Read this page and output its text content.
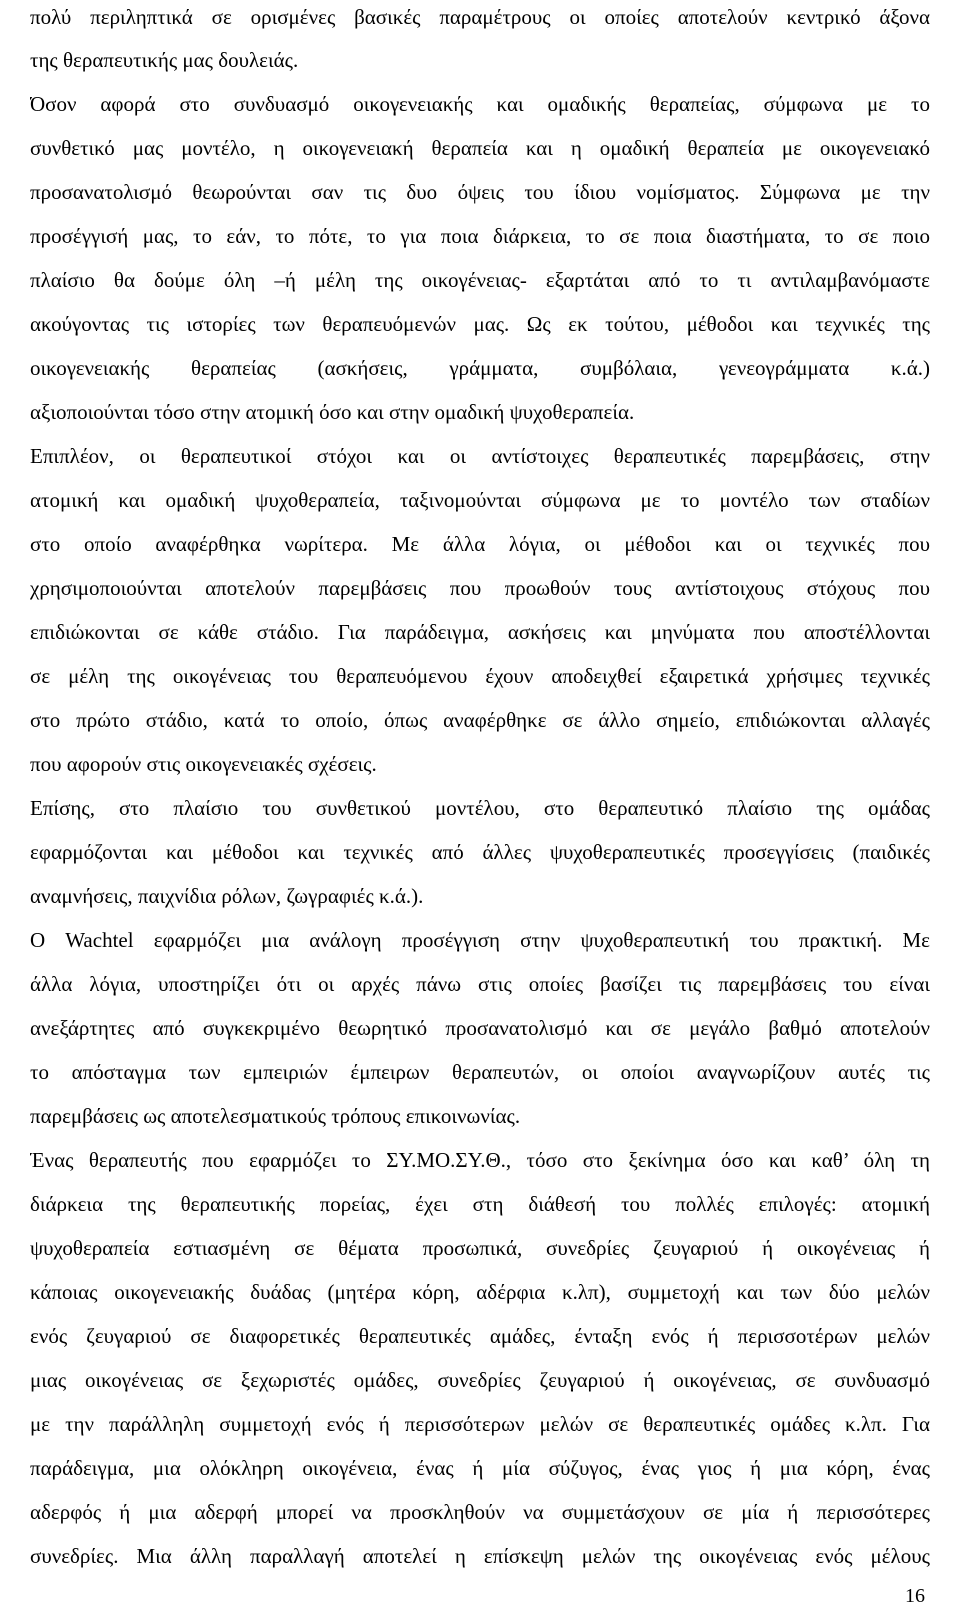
πολύ περιληπτικά σε ορισμένες βασικές παραμέτρους οι οποίες αποτελούν κεντρικό άξονα
της θεραπευτικής μας δουλειάς.
Όσον αφορά στο συνδυασμό οικογενειακής και ομαδικής θεραπείας, σύμφωνα με το
συνθετικό μας μοντέλο, η οικογενειακή θεραπεία και η ομαδική θεραπεία με οικογενειακό
προσανατολισμό θεωρούνται σαν τις δυο όψεις του ίδιου νομίσματος. Σύμφωνα με την
προσέγγισή μας, το εάν, το πότε, το για ποια διάρκεια, το σε ποια διαστήματα, το σε ποιο
πλαίσιο θα δούμε όλη –ή μέλη της οικογένειας- εξαρτάται από το τι αντιλαμβανόμαστε
ακούγοντας τις ιστορίες των θεραπευόμενών μας. Ως εκ τούτου, μέθοδοι και τεχνικές της
οικογενειακής θεραπείας (ασκήσεις, γράμματα, συμβόλαια, γενεογράμματα κ.ά.)
αξιοποιούνται τόσο στην ατομική όσο και στην ομαδική ψυχοθεραπεία.
Επιπλέον, οι θεραπευτικοί στόχοι και οι αντίστοιχες θεραπευτικές παρεμβάσεις, στην
ατομική και ομαδική ψυχοθεραπεία, ταξινομούνται σύμφωνα με το μοντέλο των σταδίων
στο οποίο αναφέρθηκα νωρίτερα. Με άλλα λόγια, οι μέθοδοι και οι τεχνικές που
χρησιμοποιούνται αποτελούν παρεμβάσεις που προωθούν τους αντίστοιχους στόχους που
επιδιώκονται σε κάθε στάδιο. Για παράδειγμα, ασκήσεις και μηνύματα που αποστέλλονται
σε μέλη της οικογένειας του θεραπευόμενου έχουν αποδειχθεί εξαιρετικά χρήσιμες τεχνικές
στο πρώτο στάδιο, κατά το οποίο, όπως αναφέρθηκε σε άλλο σημείο, επιδιώκονται αλλαγές
που αφορούν στις οικογενειακές σχέσεις.
Επίσης, στο πλαίσιο του συνθετικού μοντέλου, στο θεραπευτικό πλαίσιο της ομάδας
εφαρμόζονται και μέθοδοι και τεχνικές από άλλες ψυχοθεραπευτικές προσεγγίσεις (παιδικές
αναμνήσεις, παιχνίδια ρόλων, ζωγραφιές κ.ά.).
Ο Wachtel εφαρμόζει μια ανάλογη προσέγγιση στην ψυχοθεραπευτική του πρακτική. Με
άλλα λόγια, υποστηρίζει ότι οι αρχές πάνω στις οποίες βασίζει τις παρεμβάσεις του είναι
ανεξάρτητες από συγκεκριμένο θεωρητικό προσανατολισμό και σε μεγάλο βαθμό αποτελούν
το απόσταγμα των εμπειριών έμπειρων θεραπευτών, οι οποίοι αναγνωρίζουν αυτές τις
παρεμβάσεις ως αποτελεσματικούς τρόπους επικοινωνίας.
Ένας θεραπευτής που εφαρμόζει το ΣΥ.ΜΟ.ΣΥ.Θ., τόσο στο ξεκίνημα όσο και καθ’ όλη τη
διάρκεια της θεραπευτικής πορείας, έχει στη διάθεσή του πολλές επιλογές: ατομική
ψυχοθεραπεία εστιασμένη σε θέματα προσωπικά, συνεδρίες ζευγαριού ή οικογένειας ή
κάποιας οικογενειακής δυάδας (μητέρα κόρη, αδέρφια κ.λπ), συμμετοχή και των δύο μελών
ενός ζευγαριού σε διαφορετικές θεραπευτικές αμάδες, ένταξη ενός ή περισσοτέρων μελών
μιας οικογένειας σε ξεχωριστές ομάδες, συνεδρίες ζευγαριού ή οικογένειας, σε συνδυασμό
με την παράλληλη συμμετοχή ενός ή περισσότερων μελών σε θεραπευτικές ομάδες κ.λπ. Για
παράδειγμα, μια ολόκληρη οικογένεια, ένας ή μία σύζυγος, ένας γιος ή μια κόρη, ένας
αδερφός ή μια αδερφή μπορεί να προσκληθούν να συμμετάσχουν σε μία ή περισσότερες
συνεδρίες. Μια άλλη παραλλαγή αποτελεί η επίσκεψη μελών της οικογένειας ενός μέλους
16
